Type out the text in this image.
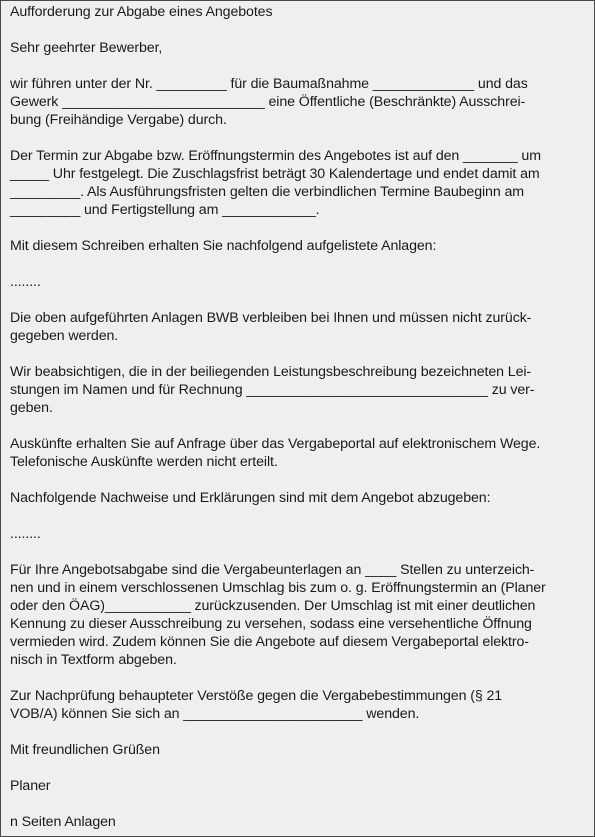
Aufforderung zur Abgabe eines Angebotes

Sehr geehrter Bewerber,

wir führen unter der Nr. _________ für die Baumaßnahme _____________ und das
Gewerk __________________________ eine Öffentliche (Beschränkte) Ausschrei-
bung (Freihändige Vergabe) durch.

Der Termin zur Abgabe bzw. Eröffnungstermin des Angebotes ist auf den _______ um
_____ Uhr festgelegt. Die Zuschlagsfrist beträgt 30 Kalendertage und endet damit am
_________. Als Ausführungsfristen gelten die verbindlichen Termine Baubeginn am
_________ und Fertigstellung am ____________.

Mit diesem Schreiben erhalten Sie nachfolgend aufgelistete Anlagen:

........

Die oben aufgeführten Anlagen BWB verbleiben bei Ihnen und müssen nicht zurück-
gegeben werden.

Wir beabsichtigen, die in der beiliegenden Leistungsbeschreibung bezeichneten Lei-
stungen im Namen und für Rechnung _______________________________ zu ver-
geben.

Auskünfte erhalten Sie auf Anfrage über das Vergabeportal auf elektronischem Wege.
Telefonische Auskünfte werden nicht erteilt.

Nachfolgende Nachweise und Erklärungen sind mit dem Angebot abzugeben:

........

Für Ihre Angebotsabgabe sind die Vergabeunterlagen an ____ Stellen zu unterzeich-
nen und in einem verschlossenen Umschlag bis zum o. g. Eröffnungstermin an (Planer
oder den ÖAG)___________ zurückzusenden. Der Umschlag ist mit einer deutlichen
Kennung zu dieser Ausschreibung zu versehen, sodass eine versehentliche Öffnung
vermieden wird. Zudem können Sie die Angebote auf diesem Vergabeportal elektro-
nisch in Textform abgeben.

Zur Nachprüfung behaupteter Verstöße gegen die Vergabebestimmungen (§ 21
VOB/A) können Sie sich an _______________________ wenden.

Mit freundlichen Grüßen

Planer

n Seiten Anlagen
